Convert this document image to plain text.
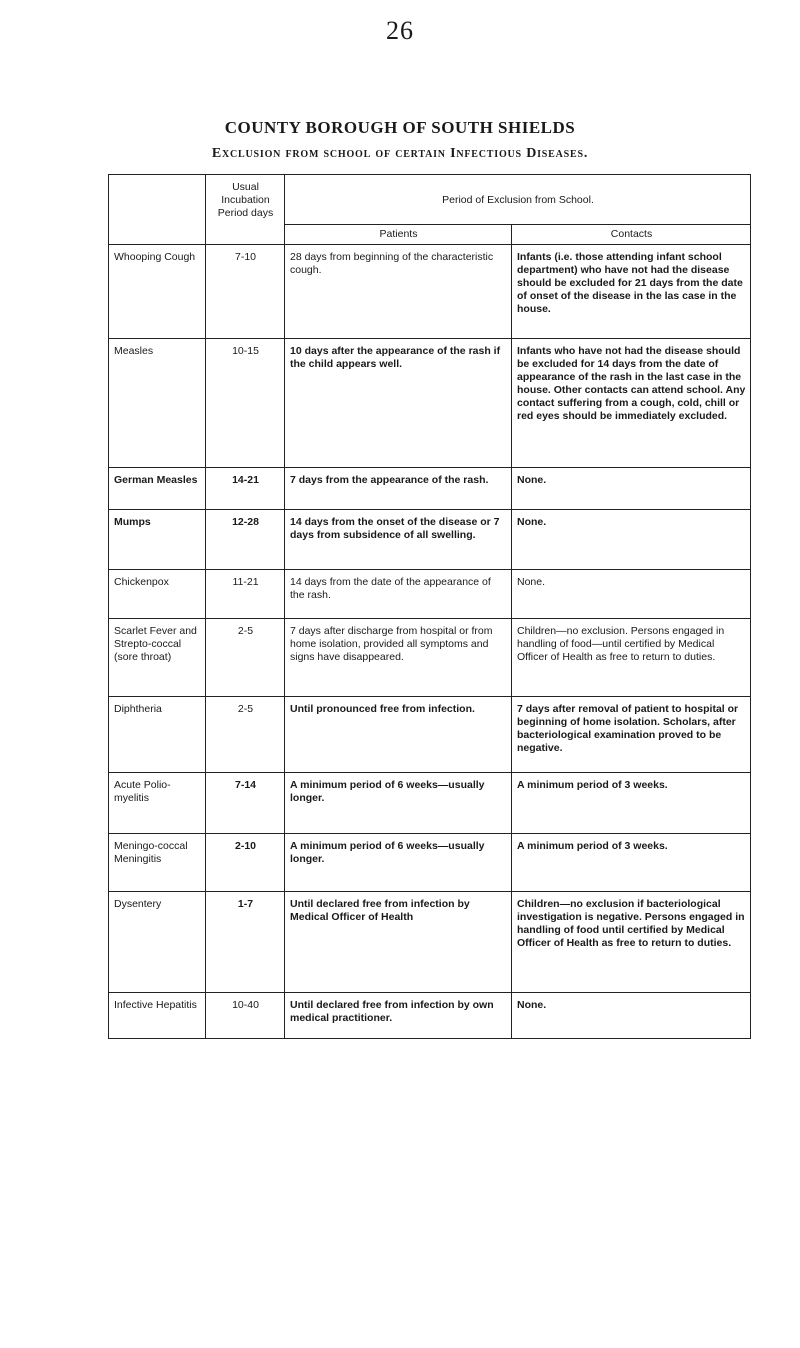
26
COUNTY BOROUGH OF SOUTH SHIELDS
Exclusion from school of certain Infectious Diseases.
	Usual Incubation Period days	Period of Exclusion from School.	
		Patients	Contacts
Whooping Cough	7-10	28 days from beginning of the characteristic cough.	Infants (i.e. those attending infant school department) who have not had the disease should be excluded for 21 days from the date of onset of the disease in the las case in the house.
Measles	10-15	10 days after the appearance of the rash if the child appears well.	Infants who have not had the disease should be excluded for 14 days from the date of appearance of the rash in the last case in the house. Other contacts can attend school. Any contact suffering from a cough, cold, chill or red eyes should be immediately excluded.
German Measles	14-21	7 days from the appearance of the rash.	None.
Mumps	12-28	14 days from the onset of the disease or 7 days from subsidence of all swelling.	None.
Chickenpox	11-21	14 days from the date of the appearance of the rash.	None.
Scarlet Fever and Strepto-coccal (sore throat)	2-5	7 days after discharge from hospital or from home isolation, provided all symptoms and signs have disappeared.	Children—no exclusion. Persons engaged in handling of food—until certified by Medical Officer of Health as free to return to duties.
Diphtheria	2-5	Until pronounced free from infection.	7 days after removal of patient to hospital or beginning of home isolation. Scholars, after bacteriological examination proved to be negative.
Acute Polio-myelitis	7-14	A minimum period of 6 weeks—usually longer.	A minimum period of 3 weeks.
Meningo-coccal Meningitis	2-10	A minimum period of 6 weeks—usually longer.	A minimum period of 3 weeks.
Dysentery	1-7	Until declared free from infection by Medical Officer of Health	Children—no exclusion if bacteriological investigation is negative. Persons engaged in handling of food until certified by Medical Officer of Health as free to return to duties.
Infective Hepatitis	10-40	Until declared free from infection by own medical practitioner.	None.
